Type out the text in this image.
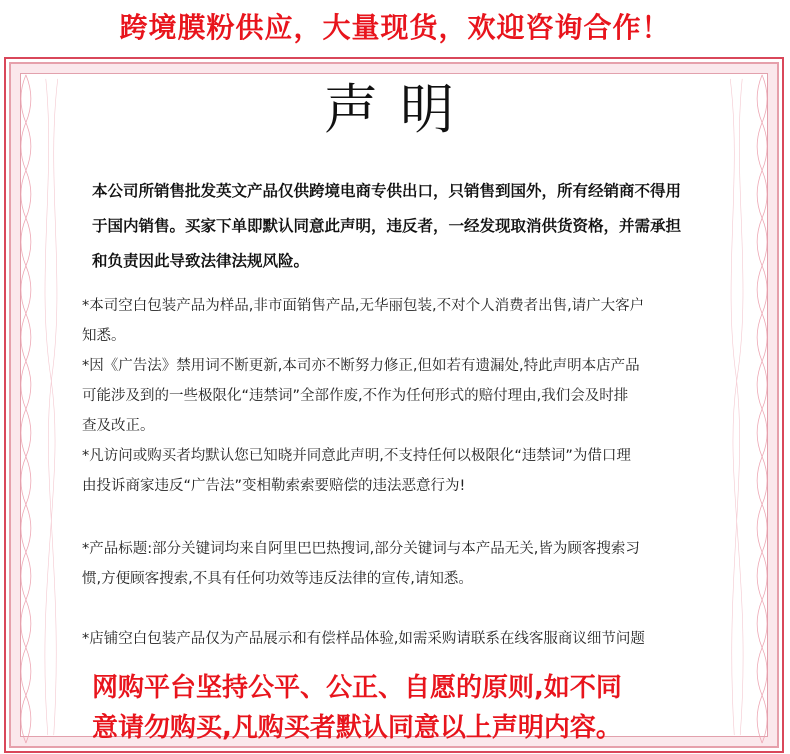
跨境膜粉供应，大量现货，欢迎咨询合作！
声明

本公司所销售批发英文产品仅供跨境电商专供出口，只销售到国外，所有经销商不得用

于国内销售。买家下单即默认同意此声明，违反者，一经发现取消供货资格，并需承担

和负责因此导致法律法规风险。

*本司空白包装产品为样品,非市面销售产品,无华丽包装,不对个人消费者出售,请广大客户

知悉。

*因《广告法》禁用词不断更新,本司亦不断努力修正,但如若有遗漏处,特此声明本店产品

可能涉及到的一些极限化“违禁词”全部作废,不作为任何形式的赔付理由,我们会及时排

查及改正。

*凡访问或购买者均默认您已知晓并同意此声明,不支持任何以极限化“违禁词”为借口理

由投诉商家违反“广告法”变相勒索索要赔偿的违法恶意行为!

*产品标题:部分关键词均来自阿里巴巴热搜词,部分关键词与本产品无关,皆为顾客搜索习

惯,方便顾客搜索,不具有任何功效等违反法律的宣传,请知悉。

*店铺空白包装产品仅为产品展示和有偿样品体验,如需采购请联系在线客服商议细节问题

网购平台坚持公平、公正、自愿的原则,如不同

意请勿购买,凡购买者默认同意以上声明内容。
